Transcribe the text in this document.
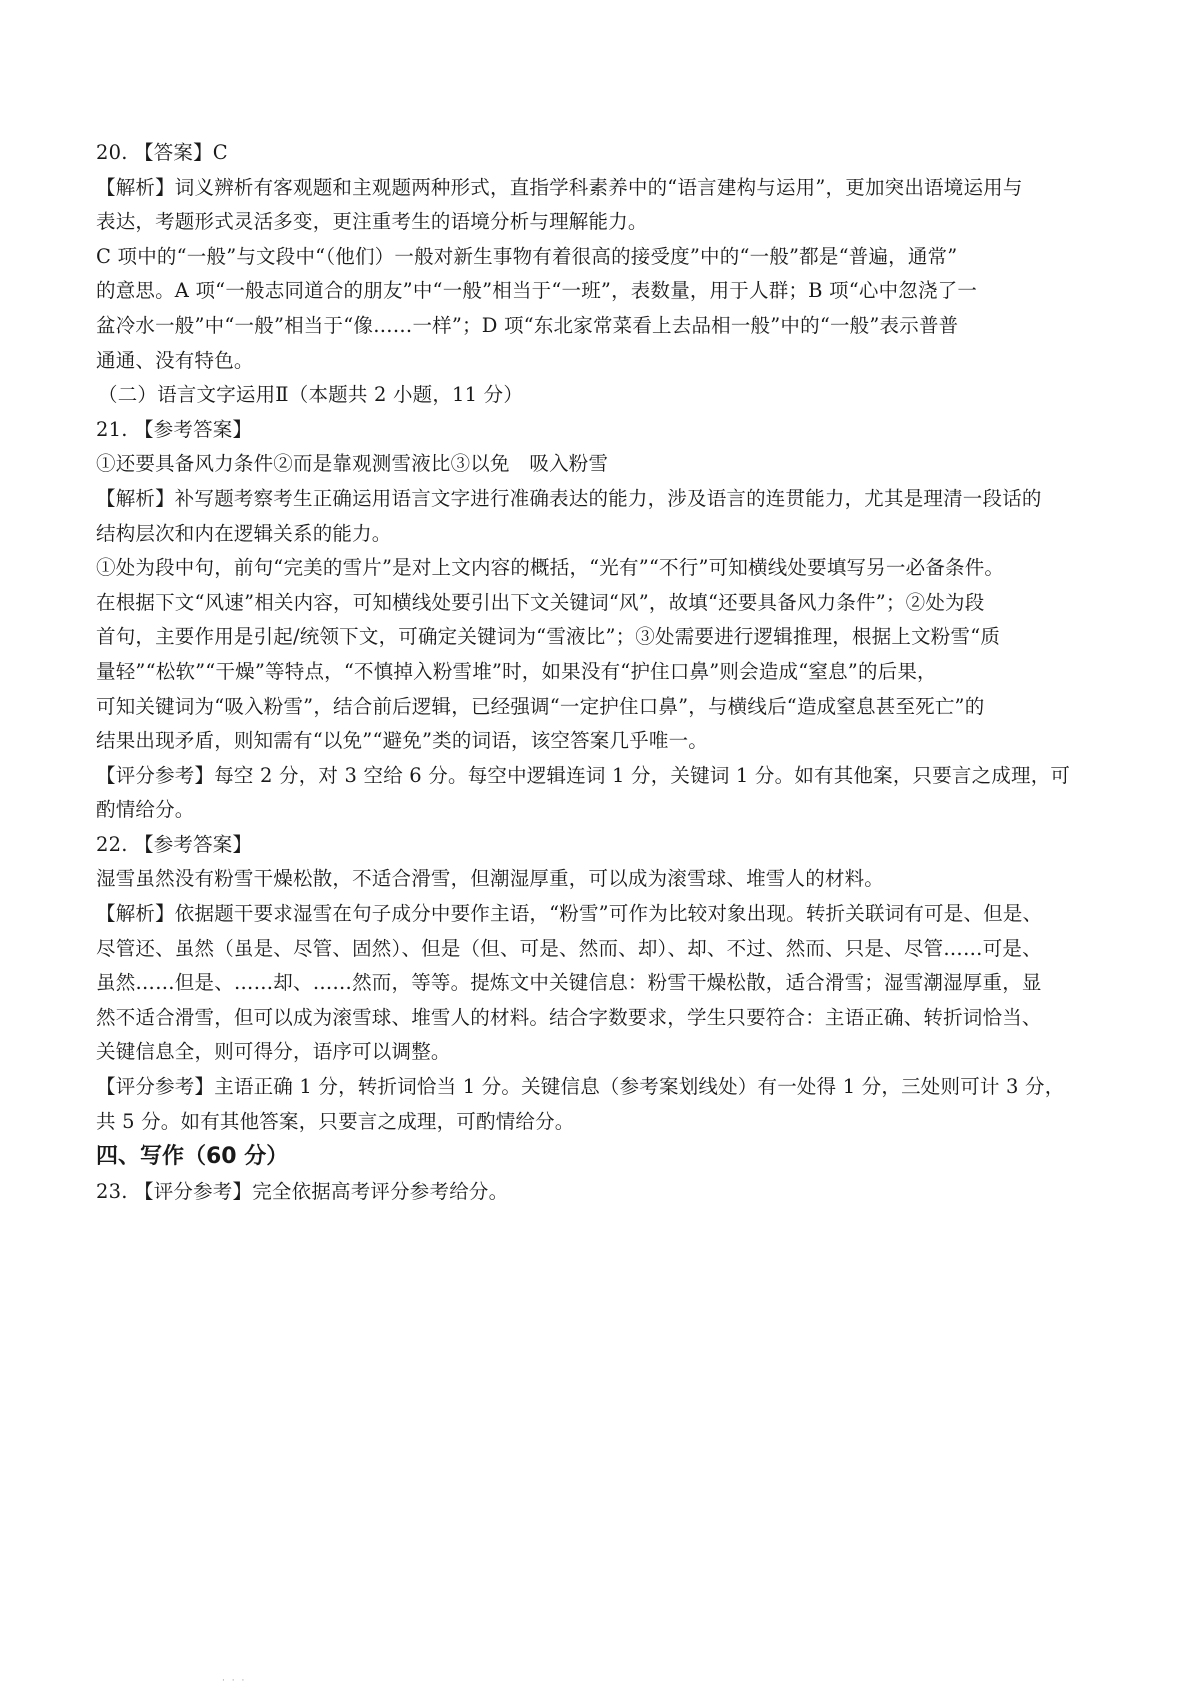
20. 【答案】C
【解析】词义辨析有客观题和主观题两种形式，直指学科素养中的“语言建构与运用”，更加突出语境运用与
表达，考题形式灵活多变，更注重考生的语境分析与理解能力。
C 项中的“一般”与文段中“（他们）一般对新生事物有着很高的接受度”中的“一般”都是“普遍，通常”
的意思。A 项“一般志同道合的朋友”中“一般”相当于“一班”，表数量，用于人群；B 项“心中忽浇了一
盆冷水一般”中“一般”相当于“像……一样”；D 项“东北家常菜看上去品相一般”中的“一般”表示普普
通通、没有特色。
（二）语言文字运用Ⅱ（本题共 2 小题，11 分）
21. 【参考答案】
①还要具备风力条件②而是靠观测雪液比③以免　吸入粉雪
【解析】补写题考察考生正确运用语言文字进行准确表达的能力，涉及语言的连贯能力，尤其是理清一段话的
结构层次和内在逻辑关系的能力。
①处为段中句，前句“完美的雪片”是对上文内容的概括，“光有”“不行”可知横线处要填写另一必备条件。
在根据下文“风速”相关内容，可知横线处要引出下文关键词“风”，故填“还要具备风力条件”；②处为段
首句，主要作用是引起/统领下文，可确定关键词为“雪液比”；③处需要进行逻辑推理，根据上文粉雪“质
量轻”“松软”“干燥”等特点，“不慎掉入粉雪堆”时，如果没有“护住口鼻”则会造成“窒息”的后果，
可知关键词为“吸入粉雪”，结合前后逻辑，已经强调“一定护住口鼻”，与横线后“造成窒息甚至死亡”的
结果出现矛盾，则知需有“以免”“避免”类的词语，该空答案几乎唯一。
【评分参考】每空 2 分，对 3 空给 6 分。每空中逻辑连词 1 分，关键词 1 分。如有其他案，只要言之成理，可
酌情给分。
22. 【参考答案】
湿雪虽然没有粉雪干燥松散，不适合滑雪，但潮湿厚重，可以成为滚雪球、堆雪人的材料。
【解析】依据题干要求湿雪在句子成分中要作主语，“粉雪”可作为比较对象出现。转折关联词有可是、但是、
尽管还、虽然（虽是、尽管、固然）、但是（但、可是、然而、却）、却、不过、然而、只是、尽管……可是、
虽然……但是、……却、……然而，等等。提炼文中关键信息：粉雪干燥松散，适合滑雪；湿雪潮湿厚重，显
然不适合滑雪，但可以成为滚雪球、堆雪人的材料。结合字数要求，学生只要符合：主语正确、转折词恰当、
关键信息全，则可得分，语序可以调整。
【评分参考】主语正确 1 分，转折词恰当 1 分。关键信息（参考案划线处）有一处得 1 分，三处则可计 3 分，
共 5 分。如有其他答案，只要言之成理，可酌情给分。
四、写作（60 分）
23. 【评分参考】完全依据高考评分参考给分。
· · ·
